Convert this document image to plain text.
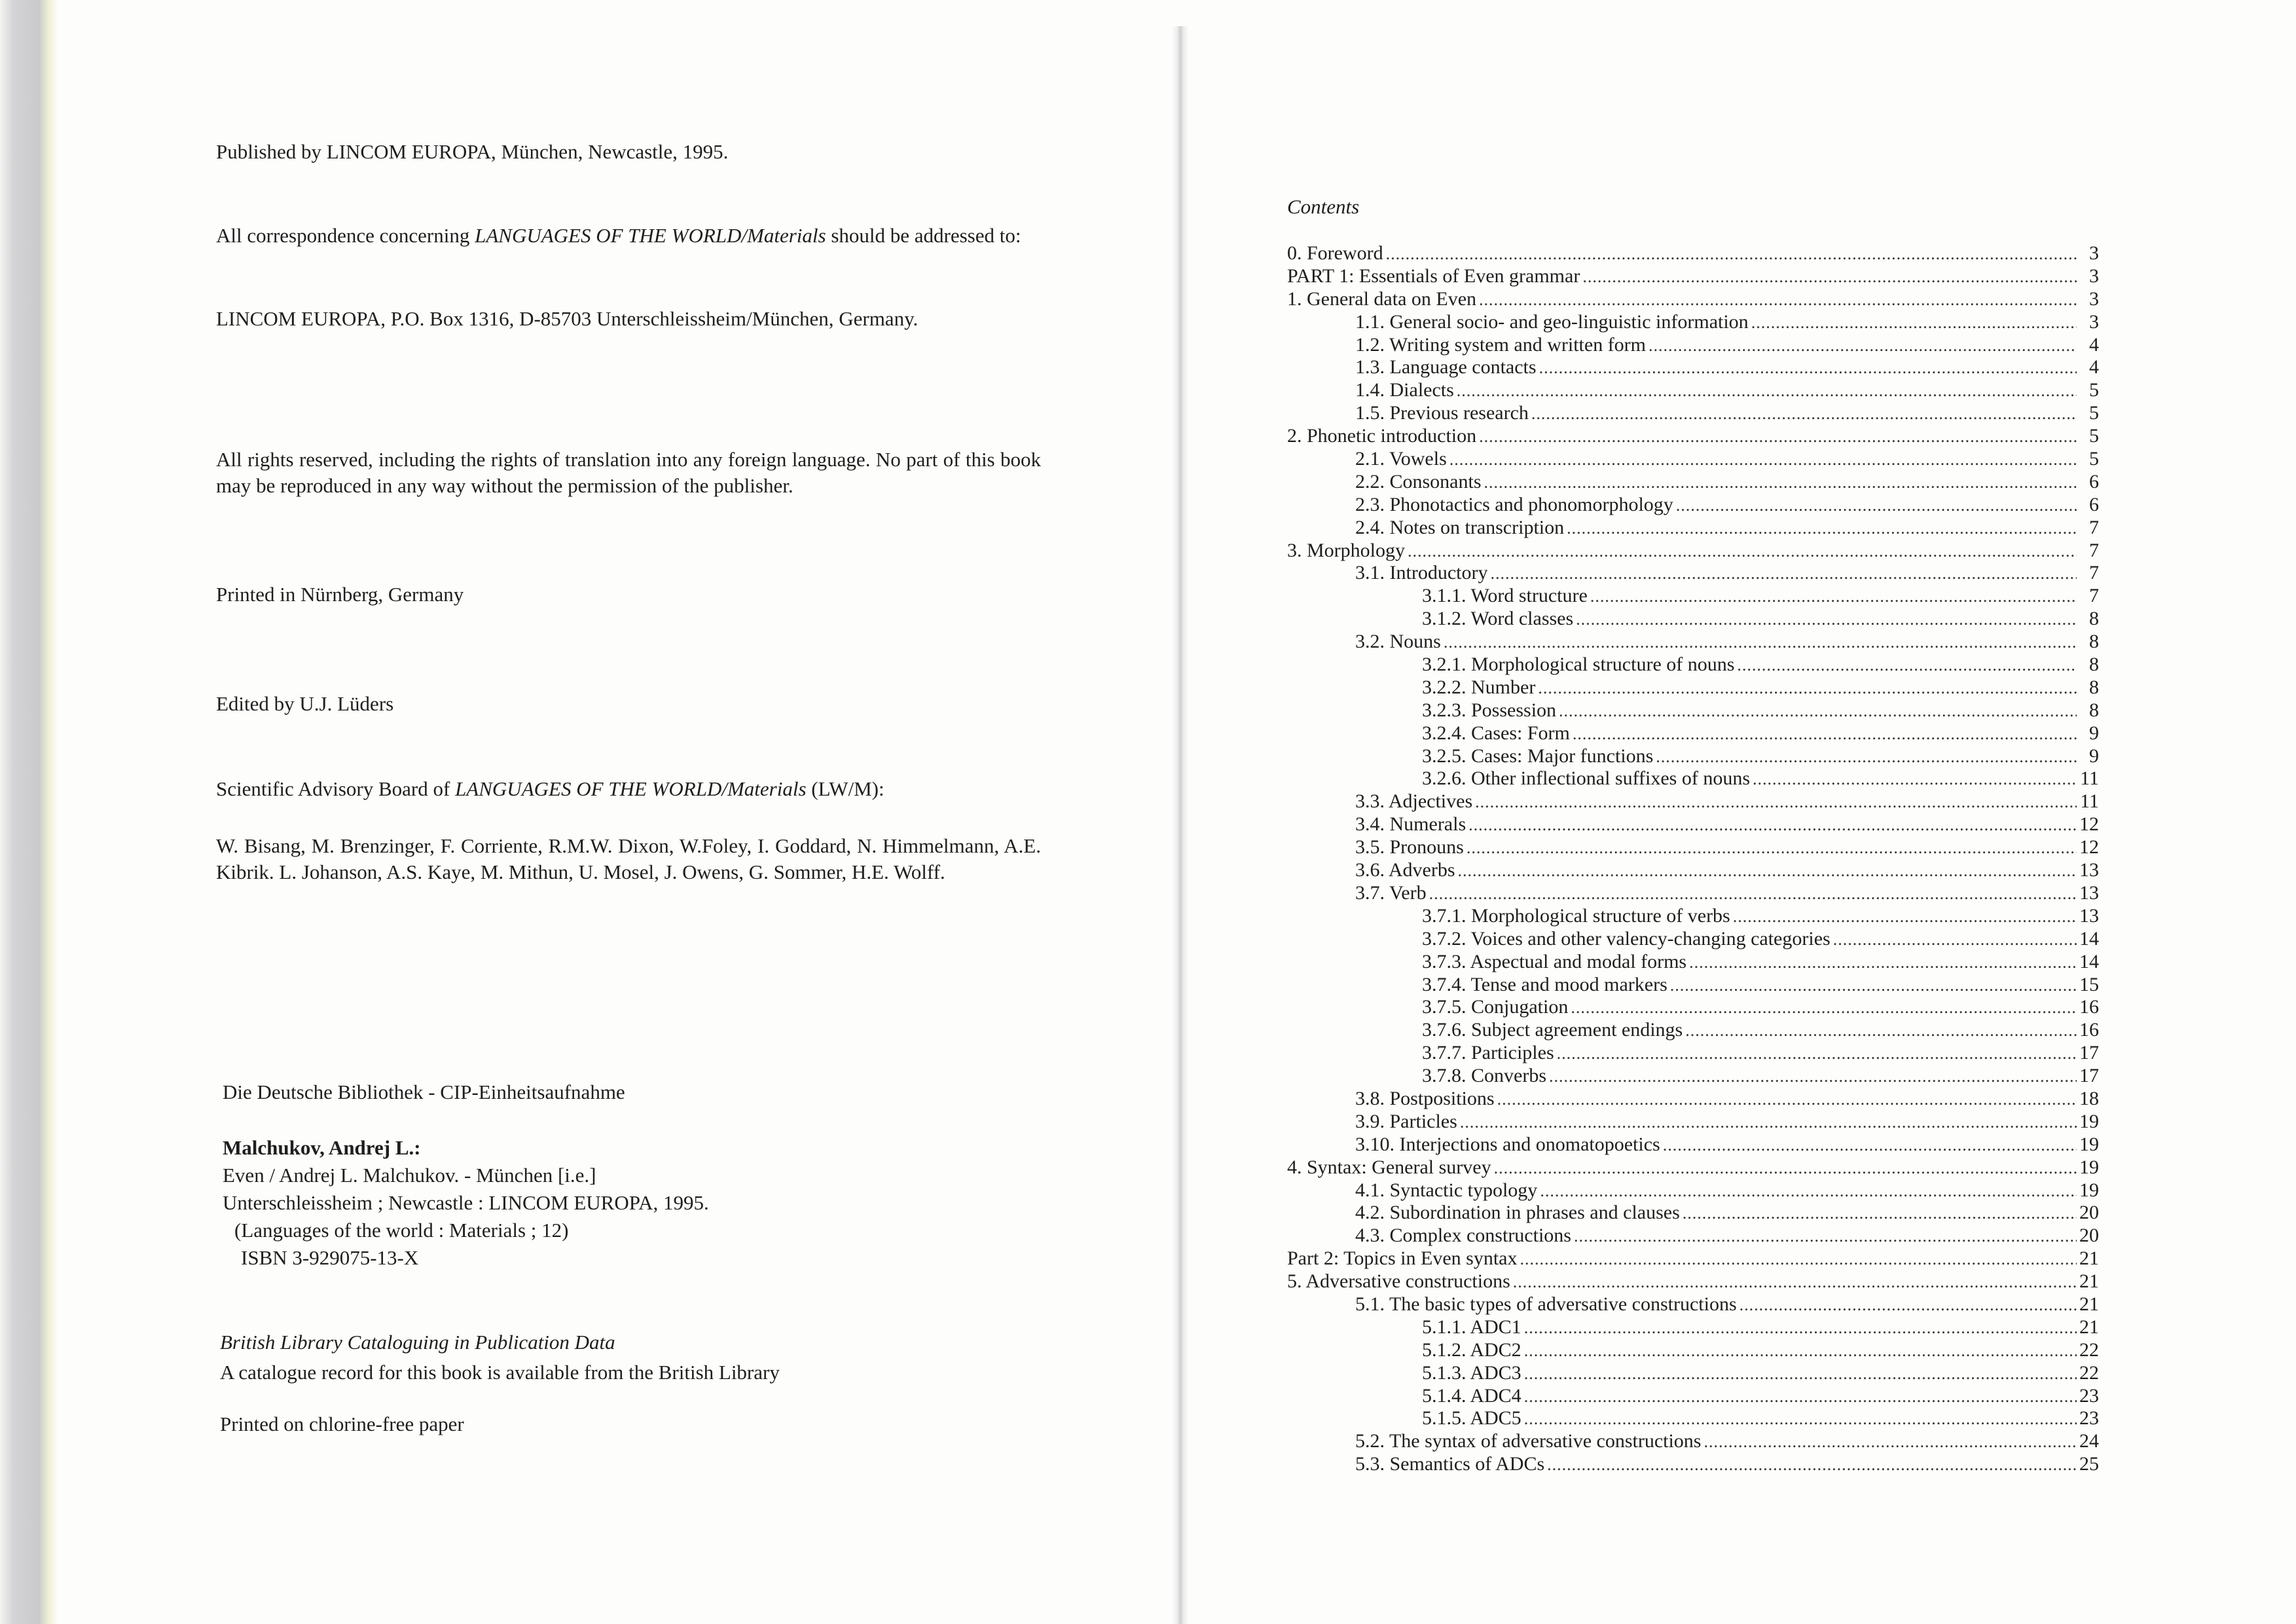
Published by LINCOM EUROPA, München, Newcastle, 1995.
All correspondence concerning LANGUAGES OF THE WORLD/Materials should be addressed to:
LINCOM EUROPA, P.O. Box 1316, D-85703 Unterschleissheim/München, Germany.
All rights reserved, including the rights of translation into any foreign language. No part of this book may be reproduced in any way without the permission of the publisher.
Printed in Nürnberg, Germany
Edited by U.J. Lüders
Scientific Advisory Board of LANGUAGES OF THE WORLD/Materials (LW/M):
W. Bisang, M. Brenzinger, F. Corriente, R.M.W. Dixon, W.Foley, I. Goddard, N. Himmelmann, A.E. Kibrik. L. Johanson, A.S. Kaye, M. Mithun, U. Mosel, J. Owens, G. Sommer, H.E. Wolff.
Die Deutsche Bibliothek - CIP-Einheitsaufnahme
Malchukov, Andrej L.:
Even / Andrej L. Malchukov. - München [i.e.]
Unterschleissheim ; Newcastle : LINCOM EUROPA, 1995.
(Languages of the world : Materials ; 12)
ISBN 3-929075-13-X
British Library Cataloguing in Publication Data
A catalogue record for this book is available from the British Library
Printed on chlorine-free paper
Contents
0. Foreword .....	3
PART 1: Essentials of Even grammar .....	3
1. General data on Even .....	3
1.1. General socio- and geo-linguistic information .....	3
1.2. Writing system and written form .....	4
1.3. Language contacts .....	4
1.4. Dialects .....	5
1.5. Previous research .....	5
2. Phonetic introduction .....	5
2.1. Vowels .....	5
2.2. Consonants .....	6
2.3. Phonotactics and phonomorphology .....	6
2.4. Notes on transcription .....	7
3. Morphology .....	7
3.1. Introductory .....	7
3.1.1. Word structure .....	7
3.1.2. Word classes .....	8
3.2. Nouns .....	8
3.2.1. Morphological structure of nouns .....	8
3.2.2. Number .....	8
3.2.3. Possession .....	8
3.2.4. Cases: Form .....	9
3.2.5. Cases: Major functions .....	9
3.2.6. Other inflectional suffixes of nouns .....	11
3.3. Adjectives .....	11
3.4. Numerals .....	12
3.5. Pronouns .....	12
3.6. Adverbs .....	13
3.7. Verb .....	13
3.7.1. Morphological structure of verbs .....	13
3.7.2. Voices and other valency-changing categories .....	14
3.7.3. Aspectual and modal forms .....	14
3.7.4. Tense and mood markers .....	15
3.7.5. Conjugation .....	16
3.7.6. Subject agreement endings .....	16
3.7.7. Participles .....	17
3.7.8. Converbs .....	17
3.8. Postpositions .....	18
3.9. Particles .....	19
3.10. Interjections and onomatopoetics .....	19
4. Syntax: General survey .....	19
4.1. Syntactic typology .....	19
4.2. Subordination in phrases and clauses .....	20
4.3. Complex constructions .....	20
Part 2: Topics in Even syntax .....	21
5. Adversative constructions .....	21
5.1. The basic types of adversative constructions .....	21
5.1.1. ADC1 .....	21
5.1.2. ADC2 .....	22
5.1.3. ADC3 .....	22
5.1.4. ADC4 .....	23
5.1.5. ADC5 .....	23
5.2. The syntax of adversative constructions .....	24
5.3. Semantics of ADCs .....	25
